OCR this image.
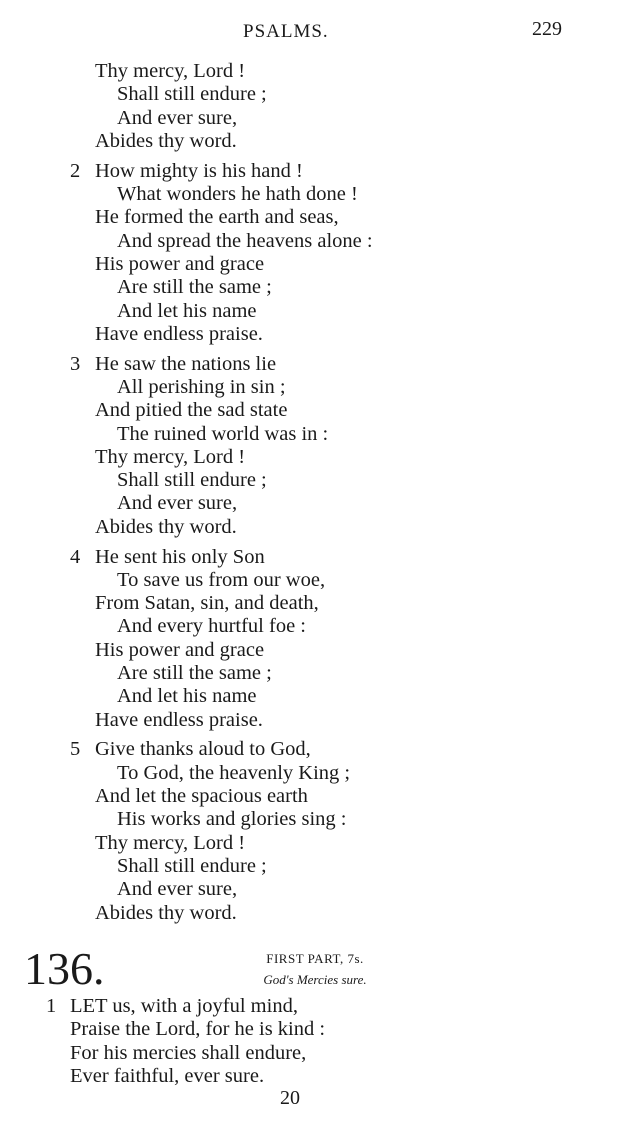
PSALMS.	229
Thy mercy, Lord !
Shall still endure ;
And ever sure,
Abides thy word.
2 How mighty is his hand !
What wonders he hath done !
He formed the earth and seas,
And spread the heavens alone :
His power and grace
Are still the same ;
And let his name
Have endless praise.
3 He saw the nations lie
All perishing in sin ;
And pitied the sad state
The ruined world was in :
Thy mercy, Lord !
Shall still endure ;
And ever sure,
Abides thy word.
4 He sent his only Son
To save us from our woe,
From Satan, sin, and death,
And every hurtful foe :
His power and grace
Are still the same ;
And let his name
Have endless praise.
5 Give thanks aloud to God,
To God, the heavenly King ;
And let the spacious earth
His works and glories sing :
Thy mercy, Lord !
Shall still endure ;
And ever sure,
Abides thy word.
136.	FIRST PART, 7s.
God's Mercies sure.
1 LET us, with a joyful mind,
Praise the Lord, for he is kind :
For his mercies shall endure,
Ever faithful, ever sure.
20
